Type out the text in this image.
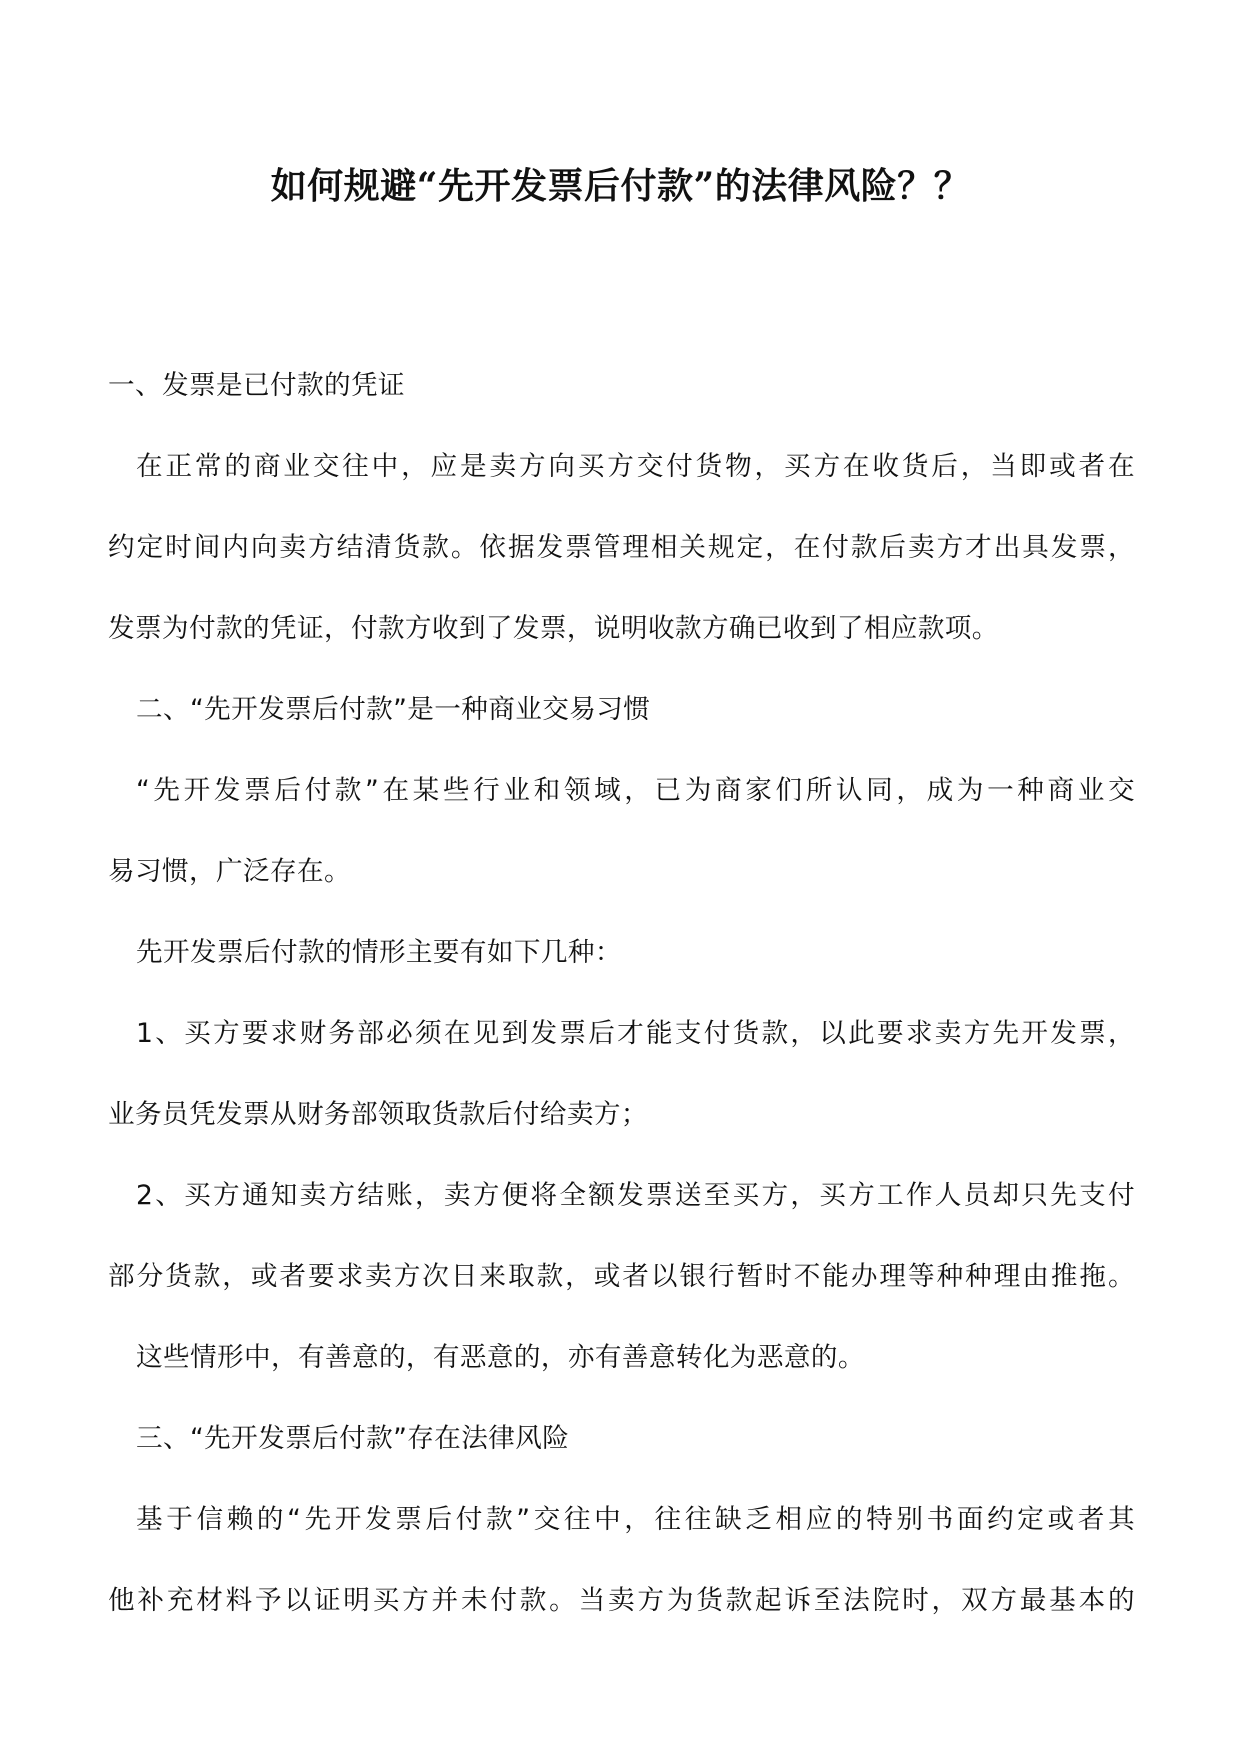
如何规避“先开发票后付款”的法律风险？？
一、发票是已付款的凭证
在正常的商业交往中，应是卖方向买方交付货物，买方在收货后，当即或者在
约定时间内向卖方结清货款。依据发票管理相关规定，在付款后卖方才出具发票，
发票为付款的凭证，付款方收到了发票，说明收款方确已收到了相应款项。
二、“先开发票后付款”是一种商业交易习惯
“先开发票后付款”在某些行业和领域，已为商家们所认同，成为一种商业交
易习惯，广泛存在。
先开发票后付款的情形主要有如下几种：
1、买方要求财务部必须在见到发票后才能支付货款，以此要求卖方先开发票，
业务员凭发票从财务部领取货款后付给卖方；
2、买方通知卖方结账，卖方便将全额发票送至买方，买方工作人员却只先支付
部分货款，或者要求卖方次日来取款，或者以银行暂时不能办理等种种理由推拖。
这些情形中，有善意的，有恶意的，亦有善意转化为恶意的。
三、“先开发票后付款”存在法律风险
基于信赖的“先开发票后付款”交往中，往往缺乏相应的特别书面约定或者其
他补充材料予以证明买方并未付款。当卖方为货款起诉至法院时，双方最基本的
